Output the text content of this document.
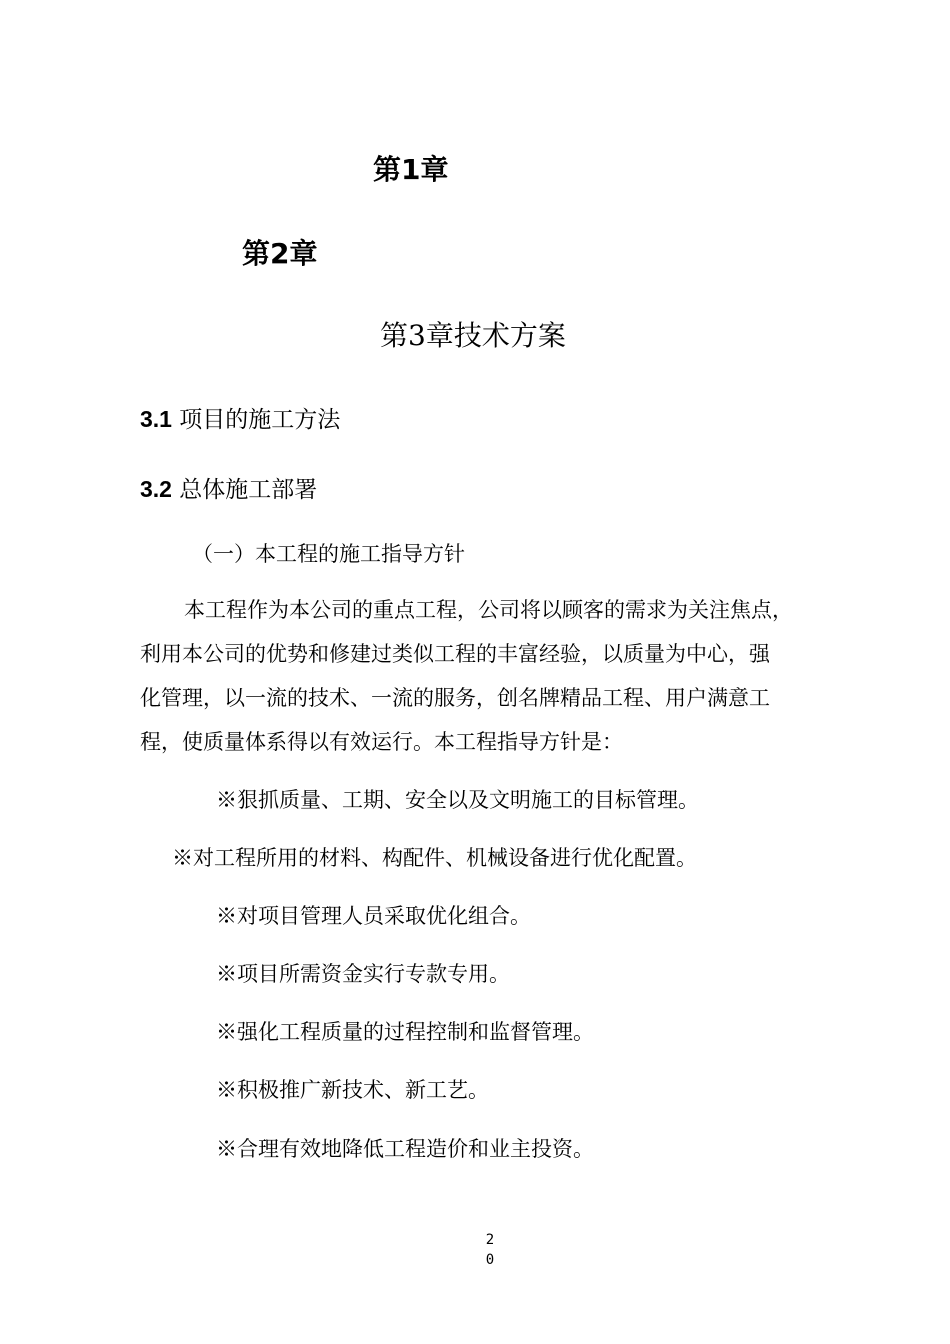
第1章
第2章
第3章技术方案
3.1 项目的施工方法
3.2 总体施工部署
（一）本工程的施工指导方针
本工程作为本公司的重点工程，公司将以顾客的需求为关注焦点，
利用本公司的优势和修建过类似工程的丰富经验，以质量为中心，强
化管理，以一流的技术、一流的服务，创名牌精品工程、用户满意工
程，使质量体系得以有效运行。本工程指导方针是：
※狠抓质量、工期、安全以及文明施工的目标管理。
※对工程所用的材料、构配件、机械设备进行优化配置。
※对项目管理人员采取优化组合。
※项目所需资金实行专款专用。
※强化工程质量的过程控制和监督管理。
※积极推广新技术、新工艺。
※合理有效地降低工程造价和业主投资。
2
0
